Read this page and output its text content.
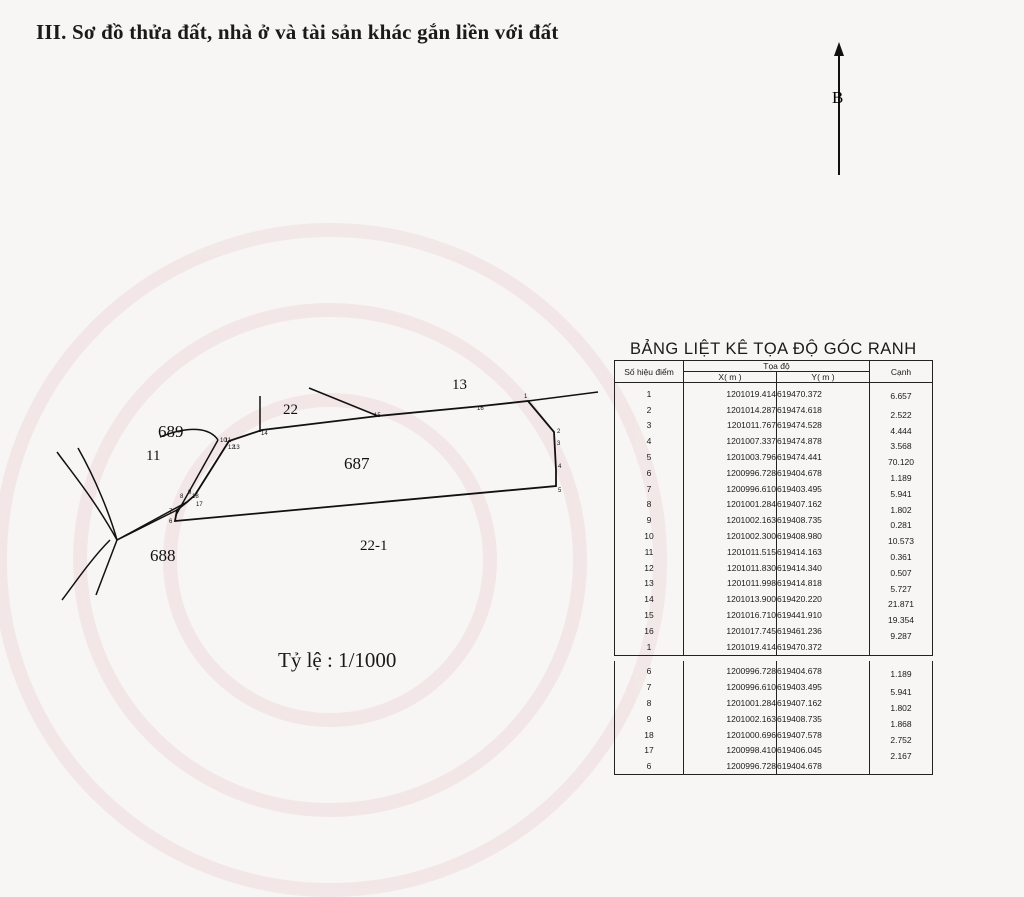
III. Sơ đồ thửa đất, nhà ở và tài sản khác gắn liền với đất
B
1
2
3
4
5
6
7
8
9
10
11
12
13
14
15
16
17
18
687
13
22
22-1
11
689
688
Tỷ lệ : 1/1000
BẢNG LIỆT KÊ TỌA ĐỘ GÓC RANH
Số hiệu điểm	Tọa độ		Cạnh
	X( m )	Y( m )	
1	1201019.414	619470.372	6.657

2	1201014.287	619474.618	2.522

3	1201011.767	619474.528	4.444

4	1201007.337	619474.878	3.568

5	1201003.796	619474.441	70.120

6	1200996.728	619404.678	1.189

7	1200996.610	619403.495	5.941

8	1201001.284	619407.162	1.802

9	1201002.163	619408.735	0.281

10	1201002.300	619408.980	10.573

11	1201011.515	619414.163	0.361

12	1201011.830	619414.340	0.507

13	1201011.998	619414.818	5.727

14	1201013.900	619420.220	21.871

15	1201016.710	619441.910	19.354

16	1201017.745	619461.236	9.287

1	1201019.414	619470.372	

6	1200996.728	619404.678	1.189

7	1200996.610	619403.495	5.941

8	1201001.284	619407.162	1.802

9	1201002.163	619408.735	1.868

18	1201000.696	619407.578	2.752

17	1200998.410	619406.045	2.167

6	1200996.728	619404.678	
